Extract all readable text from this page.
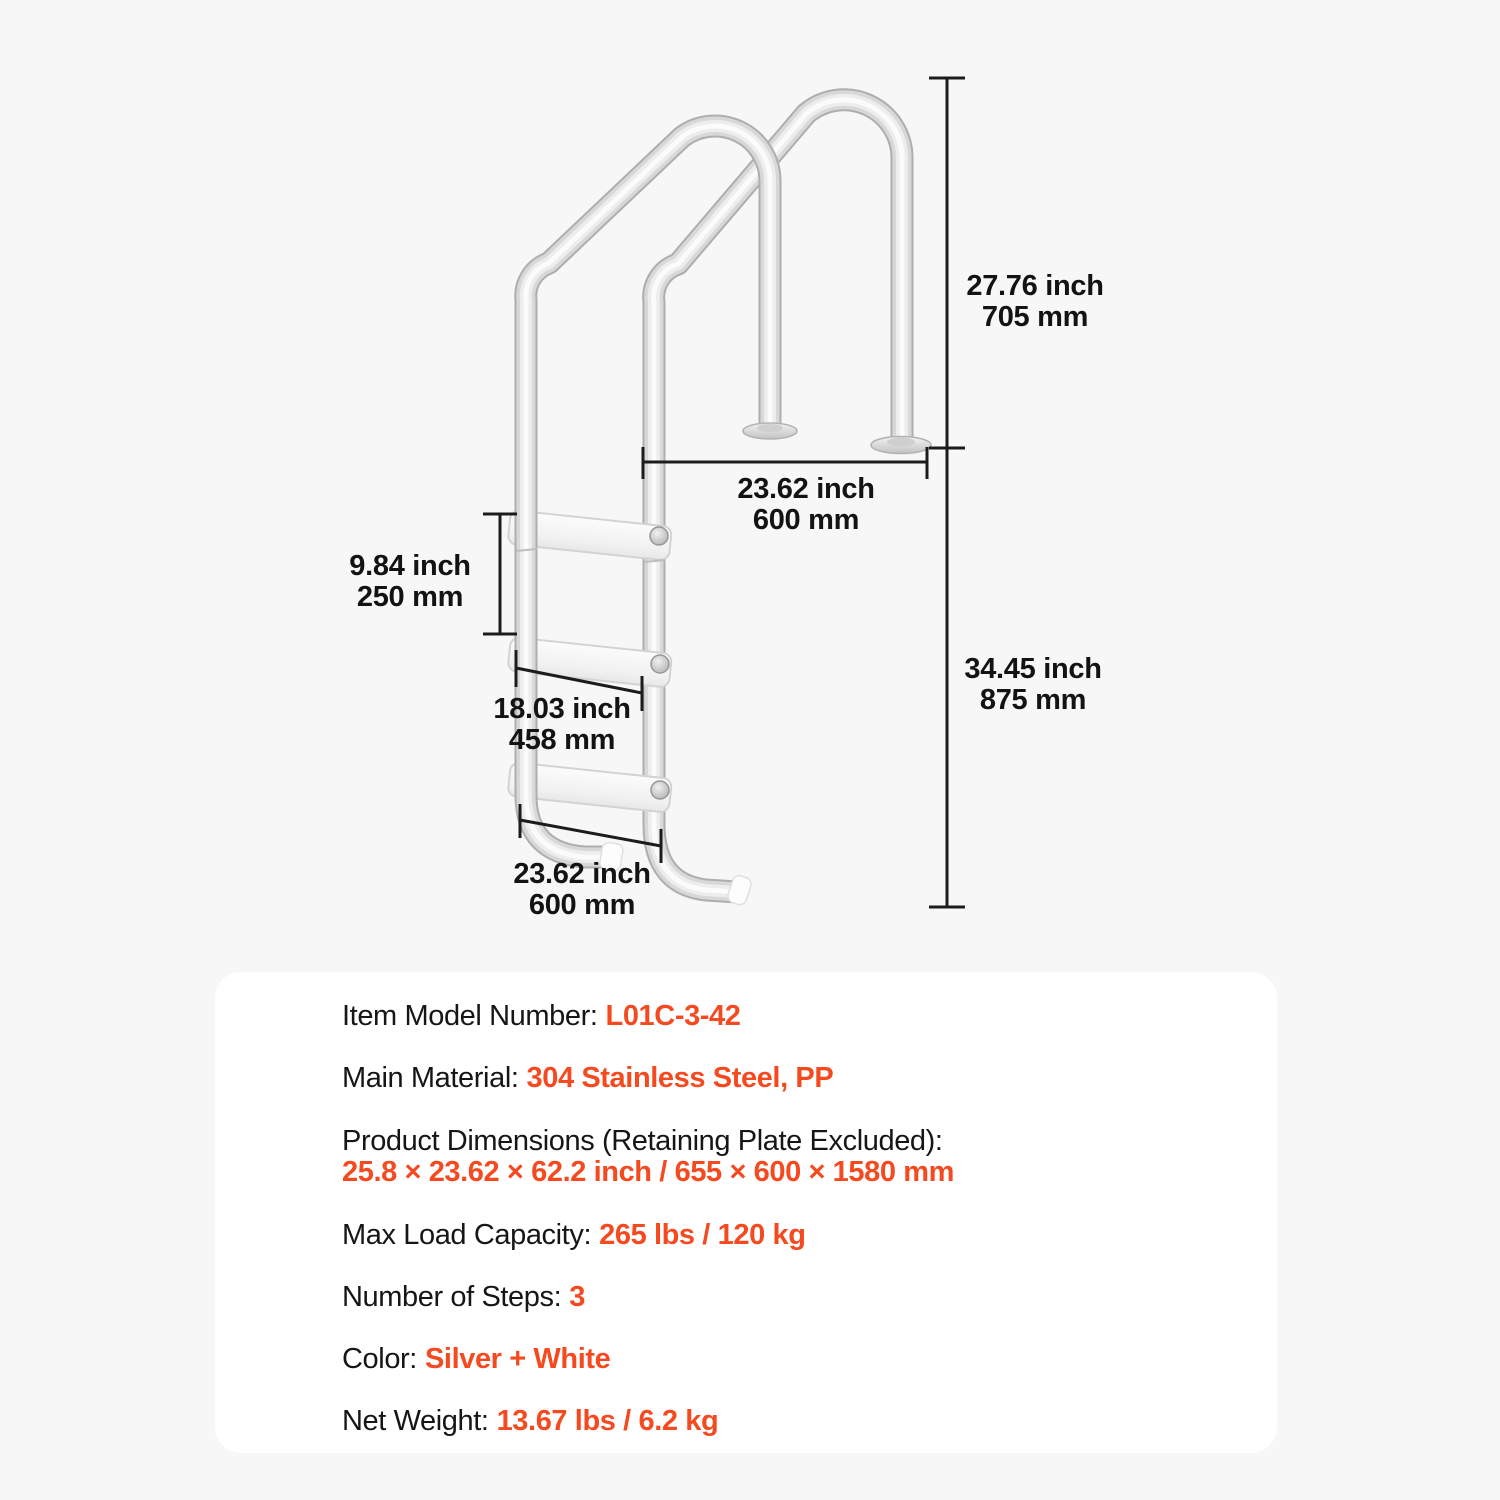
27.76 inch
705 mm
23.62 inch
600 mm
9.84 inch
250 mm
18.03 inch
458 mm
34.45 inch
875 mm
23.62 inch
600 mm
Item Model Number: L01C-3-42
Main Material: 304 Stainless Steel, PP
Product Dimensions (Retaining Plate Excluded):
25.8 × 23.62 × 62.2 inch / 655 × 600 × 1580 mm
Max Load Capacity: 265 lbs / 120 kg
Number of Steps: 3
Color: Silver + White
Net Weight: 13.67 lbs / 6.2 kg
